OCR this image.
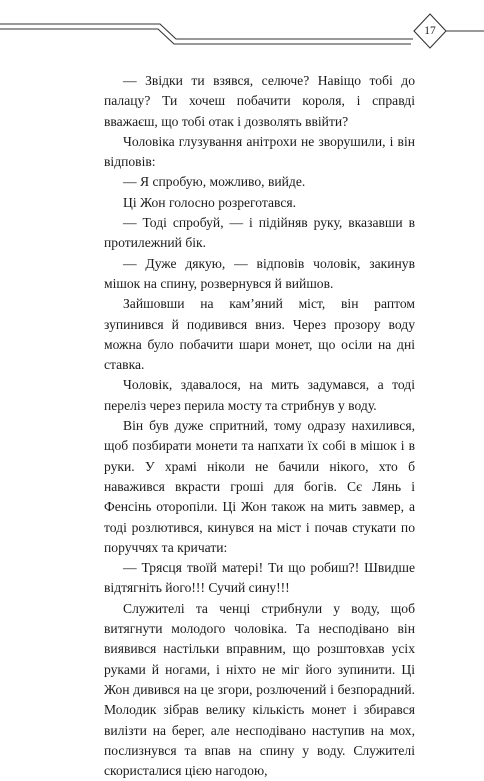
17

— Звідки ти взявся, селюче? Навіщо тобі до палацу? Ти хочеш побачити короля, і справді вважаєш, що тобі отак і дозволять ввійти?

Чоловіка глузування анітрохи не зворушили, і він відповів:

— Я спробую, можливо, вийде.

Ці Жон голосно розреготався.

— Тоді спробуй, — і підійняв руку, вказавши в протилежний бік.

— Дуже дякую, — відповів чоловік, закинув мішок на спину, розвернувся й вийшов.

Зайшовши на кам’яний міст, він раптом зупинився й подивився вниз. Через прозору воду можна було побачити шари монет, що осіли на дні ставка.

Чоловік, здавалося, на мить задумався, а тоді переліз через перила мосту та стрибнув у воду.

Він був дуже спритний, тому одразу нахилився, щоб позбирати монети та напхати їх собі в мішок і в руки. У храмі ніколи не бачили нікого, хто б наважився вкрасти гроші для богів. Сє Лянь і Фенсінь оторопіли. Ці Жон також на мить завмер, а тоді розлютився, кинувся на міст і почав стукати по поруччях та кричати:

— Трясця твоїй матері! Ти що робиш?! Швидше відтягніть його!!! Сучий сину!!!

Служителі та ченці стрибнули у воду, щоб витягнути молодого чоловіка. Та несподівано він виявився настільки вправним, що розштовхав усіх руками й ногами, і ніхто не міг його зупинити. Ці Жон дивився на це згори, розлючений і безпорадний. Молодик зібрав велику кількість монет і збирався вилізти на берег, але несподівано наступив на мох, послизнувся та впав на спину у воду. Служителі скористалися цією нагодою,
